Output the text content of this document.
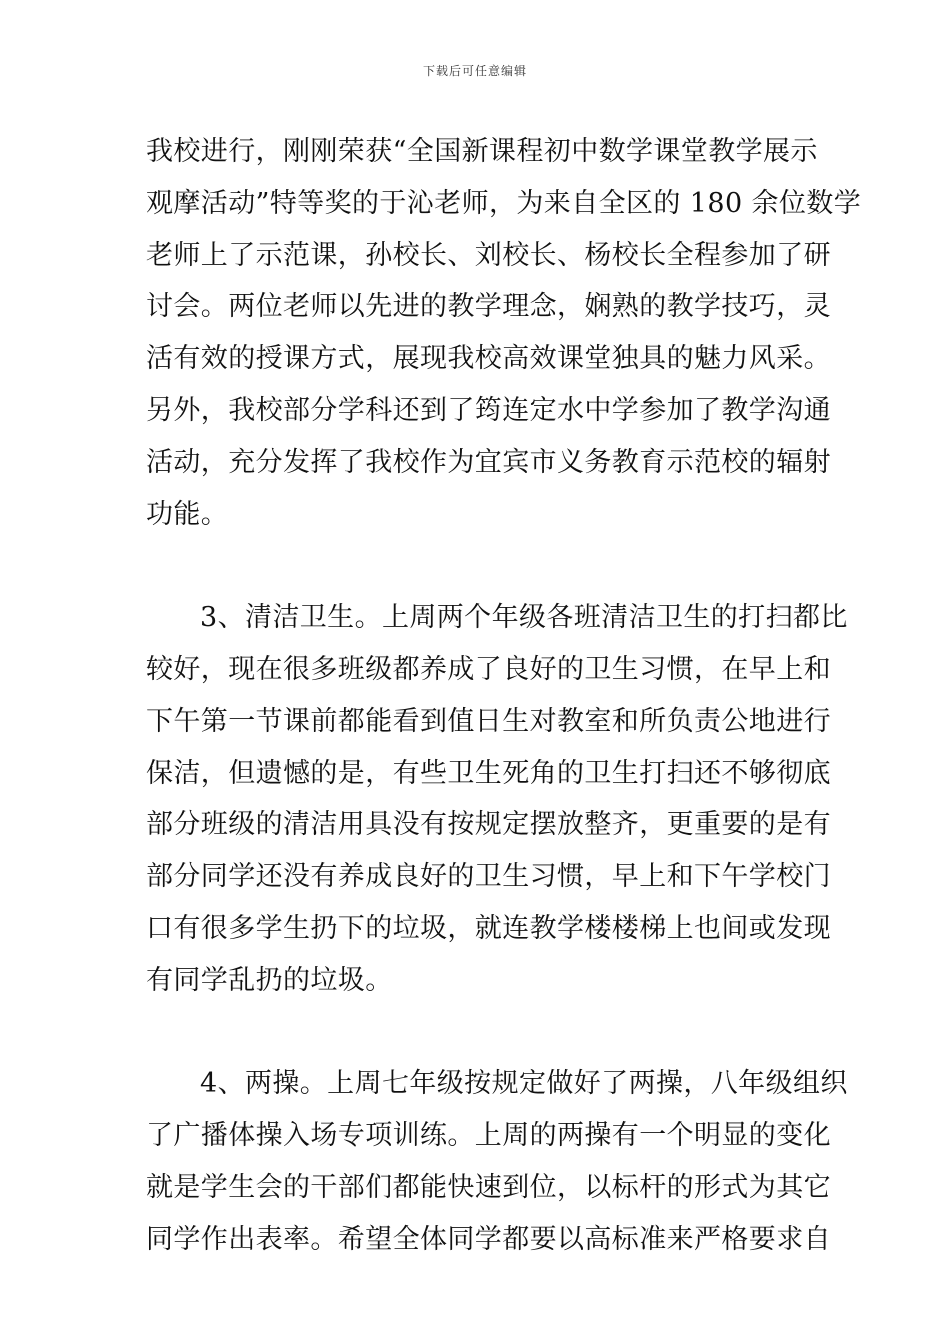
下载后可任意编辑
我校进行，刚刚荣获“全国新课程初中数学课堂教学展示
观摩活动”特等奖的于沁老师，为来自全区的 180 余位数学
老师上了示范课，孙校长、刘校长、杨校长全程参加了研
讨会。两位老师以先进的教学理念，娴熟的教学技巧，灵
活有效的授课方式，展现我校高效课堂独具的魅力风采。
另外，我校部分学科还到了筠连定水中学参加了教学沟通
活动，充分发挥了我校作为宜宾市义务教育示范校的辐射
功能。
3、清洁卫生。上周两个年级各班清洁卫生的打扫都比
较好，现在很多班级都养成了良好的卫生习惯，在早上和
下午第一节课前都能看到值日生对教室和所负责公地进行
保洁，但遗憾的是，有些卫生死角的卫生打扫还不够彻底
部分班级的清洁用具没有按规定摆放整齐，更重要的是有
部分同学还没有养成良好的卫生习惯，早上和下午学校门
口有很多学生扔下的垃圾，就连教学楼楼梯上也间或发现
有同学乱扔的垃圾。
4、两操。上周七年级按规定做好了两操，八年级组织
了广播体操入场专项训练。上周的两操有一个明显的变化
就是学生会的干部们都能快速到位，以标杆的形式为其它
同学作出表率。希望全体同学都要以高标准来严格要求自
